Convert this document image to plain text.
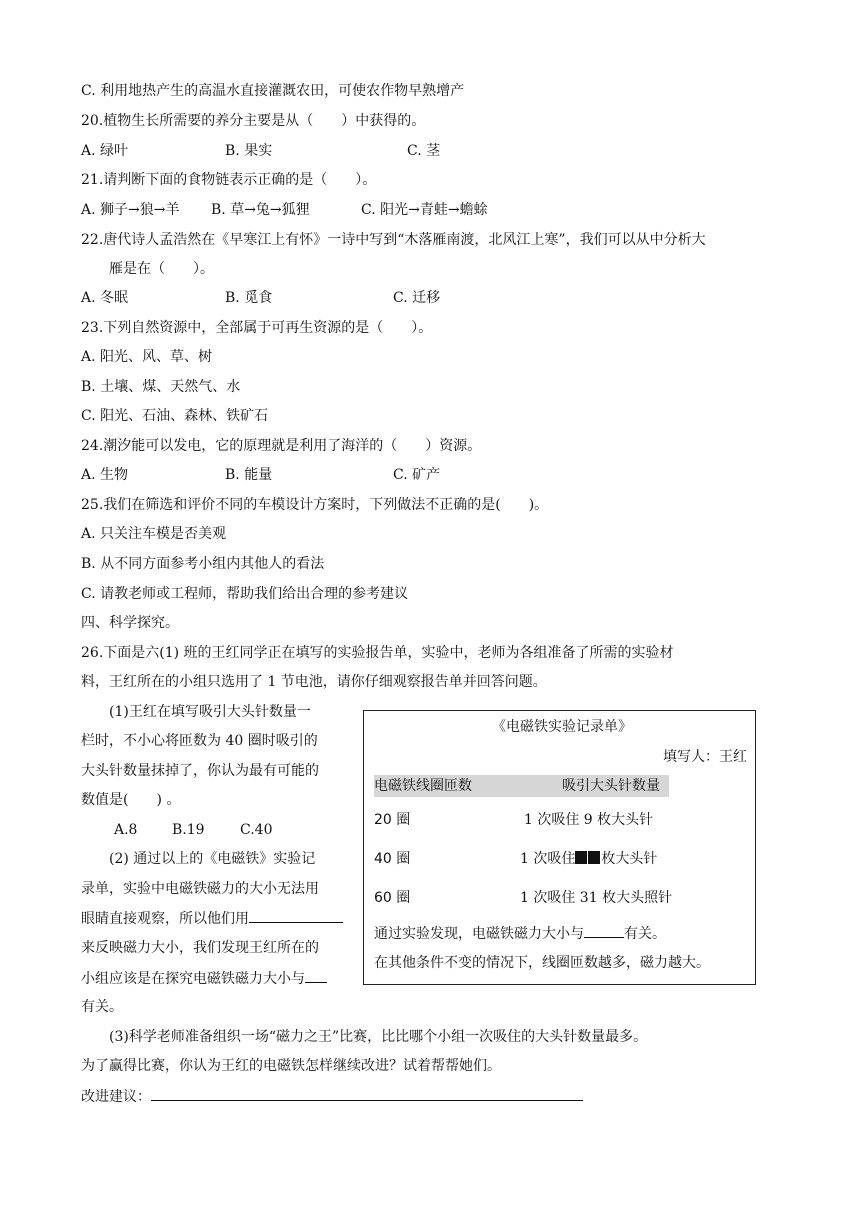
C. 利用地热产生的高温水直接灌溉农田，可使农作物早熟增产
20.植物生长所需要的养分主要是从（　　）中获得的。
A. 绿叶	B. 果实	C. 茎
21.请判断下面的食物链表示正确的是（　　）。
A. 狮子→狼→羊 B. 草→兔→狐狸	C. 阳光→青蛙→蟾蜍
22.唐代诗人孟浩然在《早寒江上有怀》一诗中写到“木落雁南渡，北风江上寒”，我们可以从中分析大
雁是在（　　）。
A. 冬眠	B. 觅食	C. 迁移
23.下列自然资源中，全部属于可再生资源的是（　　）。
A. 阳光、风、草、树
B. 土壤、煤、天然气、水
C. 阳光、石油、森林、铁矿石
24.潮汐能可以发电，它的原理就是利用了海洋的（　　）资源。
A. 生物	B. 能量	C. 矿产
25.我们在筛选和评价不同的车模设计方案时，下列做法不正确的是(　　)。
A. 只关注车模是否美观
B. 从不同方面参考小组内其他人的看法
C. 请教老师或工程师，帮助我们给出合理的参考建议
四、科学探究。
26.下面是六(1) 班的王红同学正在填写的实验报告单，实验中，老师为各组准备了所需的实验材
料，王红所在的小组只选用了 1 节电池，请你仔细观察报告单并回答问题。
(1)王红在填写吸引大头针数量一
栏时，不小心将匝数为 40 圈时吸引的
大头针数量抹掉了，你认为最有可能的
数值是(　　) 。
A.8 B.19	C.40
(2) 通过以上的《电磁铁》实验记
录单，实验中电磁铁磁力的大小无法用
眼睛直接观察，所以他们用
来反映磁力大小，我们发现王红所在的
小组应该是在探究电磁铁磁力大小与
有关。
《电磁铁实验记录单》
填写人：王红
电磁铁线圈匝数	吸引大头针数量
20 圈	1 次吸住 9 枚大头针
40 圈	1 次吸住 枚大头针
60 圈	1 次吸住 31 枚大头照针
通过实验发现，电磁铁磁力大小与	有关。
在其他条件不变的情况下，线圈匝数越多，磁力越大。
(3)科学老师准备组织一场“磁力之王”比赛，比比哪个小组一次吸住的大头针数量最多。
为了赢得比赛，你认为王红的电磁铁怎样继续改进？试着帮帮她们。
改进建议：
